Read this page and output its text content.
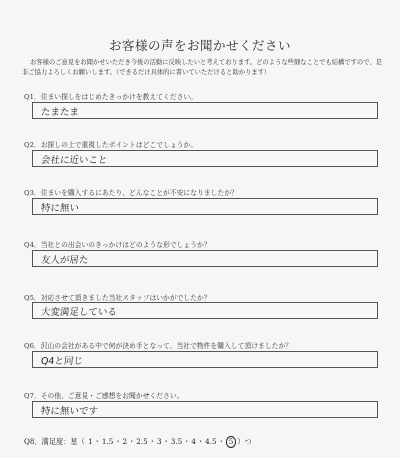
お客様の声をお聞かせください
お客様のご意見をお聞かせいただき今後の活動に反映したいと考えております。どのような些細なことでも結構ですので、是非ご協力よろしくお願いします。（できるだけ具体的に書いていただけると助かります）
Q1．住まい探しをはじめたきっかけを教えてください。
たまたま
Q2．お探しの上で重視したポイントはどこでしょうか。
会社に近いこと
Q3．住まいを購入するにあたり、どんなことが不安になりましたか？
特に無い
Q4．当社との出会いのきっかけはどのような形でしょうか？
友人が居た
Q5．対応させて頂きました当社スタッフはいかがでしたか？
大変満足している
Q6．沢山の会社がある中で何が決め手となって、当社で物件を購入して頂けましたか？
Q4と同じ
Q7．その他、ご意見・ご感想をお聞かせください。
特に無いです
Q8．満足度：星（ 1・1.5・2・2.5・3・3.5・4・4.5・ 5 ）つ
